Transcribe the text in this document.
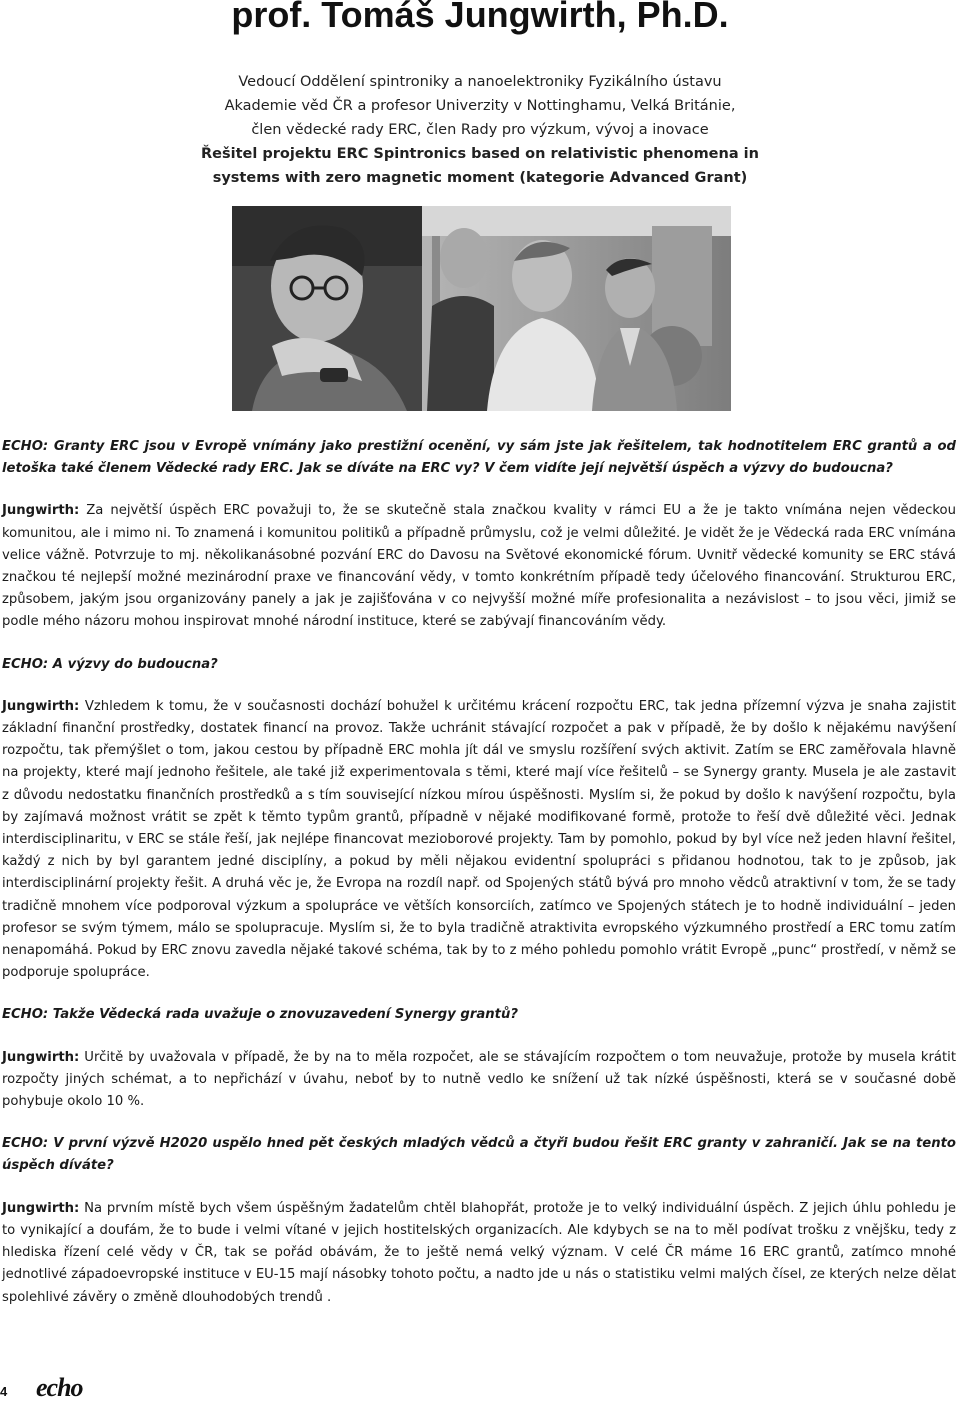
prof. Tomáš Jungwirth, Ph.D.
Vedoucí Oddělení spintroniky a nanoelektroniky Fyzikálního ústavu
Akademie věd ČR a profesor Univerzity v Nottinghamu, Velká Británie,
člen vědecké rady ERC, člen Rady pro výzkum, vývoj a inovace
Řešitel projektu ERC Spintronics based on relativistic phenomena in
systems with zero magnetic moment (kategorie Advanced Grant)

ECHO: Granty ERC jsou v Evropě vnímány jako prestižní ocenění, vy sám jste jak řešitelem, tak hodnotitelem ERC grantů a od letoška také členem Vědecké rady ERC. Jak se díváte na ERC vy? V čem vidíte její největší úspěch a výzvy do budoucna?

Jungwirth: Za největší úspěch ERC považuji to, že se skutečně stala značkou kvality v rámci EU a že je takto vnímána nejen vědeckou komunitou, ale i mimo ni. To znamená i komunitou politiků a případně průmyslu, což je velmi důležité. Je vidět že je Vědecká rada ERC vnímána velice vážně. Potvrzuje to mj. několikanásobné pozvání ERC do Davosu na Světové ekonomické fórum. Uvnitř vědecké komunity se ERC stává značkou té nejlepší možné mezinárodní praxe ve financování vědy, v tomto konkrétním případě tedy účelového financování. Strukturou ERC, způsobem, jakým jsou organizovány panely a jak je zajišťována v co nejvyšší možné míře profesionalita a nezávislost – to jsou věci, jimiž se podle mého názoru mohou inspirovat mnohé národní instituce, které se zabývají financováním vědy.

ECHO: A výzvy do budoucna?

Jungwirth: Vzhledem k tomu, že v současnosti dochází bohužel k určitému krácení rozpočtu ERC, tak jedna přízemní výzva je snaha zajistit základní finanční prostředky, dostatek financí na provoz. Takže uchránit stávající rozpočet a pak v případě, že by došlo k nějakému navýšení rozpočtu, tak přemýšlet o tom, jakou cestou by případně ERC mohla jít dál ve smyslu rozšíření svých aktivit. Zatím se ERC zaměřovala hlavně na projekty, které mají jednoho řešitele, ale také již experimentovala s těmi, které mají více řešitelů – se Synergy granty. Musela je ale zastavit z důvodu nedostatku finančních prostředků a s tím související nízkou mírou úspěšnosti. Myslím si, že pokud by došlo k navýšení rozpočtu, byla by zajímavá možnost vrátit se zpět k těmto typům grantů, případně v nějaké modifikované formě, protože to řeší dvě důležité věci. Jednak interdisciplinaritu, v ERC se stále řeší, jak nejlépe financovat mezioborové projekty. Tam by pomohlo, pokud by byl více než jeden hlavní řešitel, každý z nich by byl garantem jedné disciplíny, a pokud by měli nějakou evidentní spolupráci s přidanou hodnotou, tak to je způsob, jak interdisciplinární projekty řešit. A druhá věc je, že Evropa na rozdíl např. od Spojených států bývá pro mnoho vědců atraktivní v tom, že se tady tradičně mnohem více podporoval výzkum a spolupráce ve větších konsorciích, zatímco ve Spojených státech je to hodně individuální – jeden profesor se svým týmem, málo se spolupracuje. Myslím si, že to byla tradičně atraktivita evropského výzkumného prostředí a ERC tomu zatím nenapomáhá. Pokud by ERC znovu zavedla nějaké takové schéma, tak by to z mého pohledu pomohlo vrátit Evropě „punc“ prostředí, v němž se podporuje spolupráce.

ECHO: Takže Vědecká rada uvažuje o znovuzavedení Synergy grantů?

Jungwirth: Určitě by uvažovala v případě, že by na to měla rozpočet, ale se stávajícím rozpočtem o tom neuvažuje, protože by musela krátit rozpočty jiných schémat, a to nepřichází v úvahu, neboť by to nutně vedlo ke snížení už tak nízké úspěšnosti, která se v současné době pohybuje okolo 10 %.

ECHO: V první výzvě H2020 uspělo hned pět českých mladých vědců a čtyři budou řešit ERC granty v zahraničí. Jak se na tento úspěch díváte?

Jungwirth: Na prvním místě bych všem úspěšným žadatelům chtěl blahopřát, protože je to velký individuální úspěch. Z jejich úhlu pohledu je to vynikající a doufám, že to bude i velmi vítané v jejich hostitelských organizacích. Ale kdybych se na to měl podívat trošku z vnějšku, tedy z hlediska řízení celé vědy v ČR, tak se pořád obávám, že to ještě nemá velký význam. V celé ČR máme 16 ERC grantů, zatímco mnohé jednotlivé západoevropské instituce v EU-15 mají násobky tohoto počtu, a nadto jde u nás o statistiku velmi malých čísel, ze kterých nelze dělat spolehlivé závěry o změně dlouhodobých trendů .

4 echo
